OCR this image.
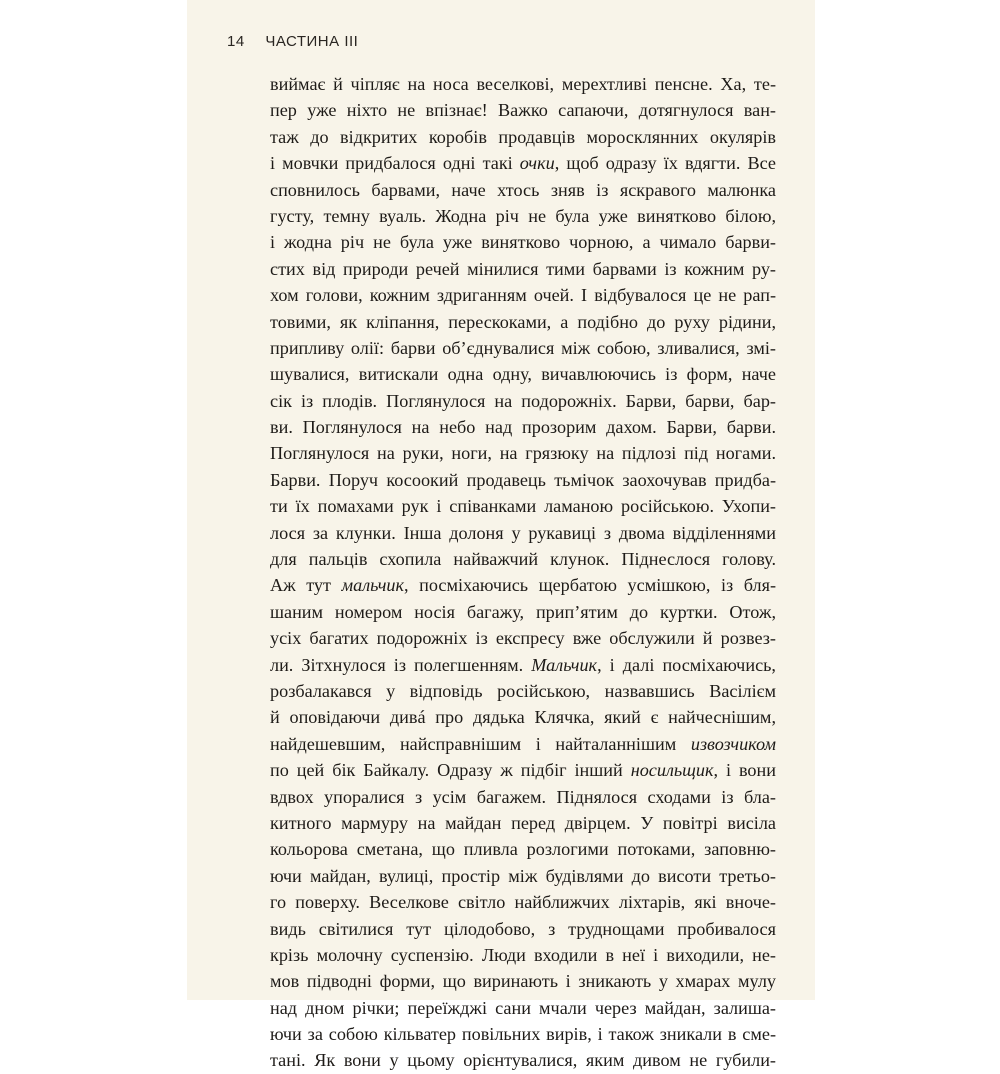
14 ЧАСТИНА III
виймає й чіпляє на носа веселкові, мерехтливі пенсне. Ха, те-
пер уже ніхто не впізнає! Важко сапаючи, дотягнулося ван-
таж до відкритих коробів продавців моросклянних окулярів
і мовчки придбалося одні такі очки, щоб одразу їх вдягти. Все
сповнилось барвами, наче хтось зняв із яскравого малюнка
густу, темну вуаль. Жодна річ не була уже винятково білою,
і жодна річ не була уже винятково чорною, а чимало барви-
стих від природи речей мінилися тими барвами із кожним ру-
хом голови, кожним здриганням очей. І відбувалося це не рап-
товими, як кліпання, перескоками, а подібно до руху рідини,
припливу олії: барви об’єднувалися між собою, зливалися, змі-
шувалися, витискали одна одну, вичавлюючись із форм, наче
сік із плодів. Поглянулося на подорожніх. Барви, барви, бар-
ви. Поглянулося на небо над прозорим дахом. Барви, барви.
Поглянулося на руки, ноги, на грязюку на підлозі під ногами.
Барви. Поруч косоокий продавець тьмічок заохочував придба-
ти їх помахами рук і співанками ламаною російською. Ухопи-
лося за клунки. Інша долоня у рукавиці з двома відділеннями
для пальців схопила найважчий клунок. Піднеслося голову.
Аж тут мальчик, посміхаючись щербатою усмішкою, із бля-
шаним номером носія багажу, прип’ятим до куртки. Отож,
усіх багатих подорожніх із експресу вже обслужили й розвез-
ли. Зітхнулося із полегшенням. Мальчик, і далі посміхаючись,
розбалакався у відповідь російською, назвавшись Васілієм
й оповідаючи дивá про дядька Клячка, який є найчеснішим,
найдешевшим, найсправнішим і найталаннішим извозчиком
по цей бік Байкалу. Одразу ж підбіг інший носильщик, і вони
вдвох упоралися з усім багажем. Піднялося сходами із бла-
китного мармуру на майдан перед двірцем. У повітрі висіла
кольорова сметана, що пливла розлогими потоками, заповню-
ючи майдан, вулиці, простір між будівлями до висоти третьо-
го поверху. Веселкове світло найближчих ліхтарів, які вноче-
видь світилися тут цілодобово, з труднощами пробивалося
крізь молочну суспензію. Люди входили в неї і виходили, не-
мов підводні форми, що виринають і зникають у хмарах мулу
над дном річки; переїжджі сани мчали через майдан, залиша-
ючи за собою кільватер повільних вирів, і також зникали в сме-
тані. Як вони у цьому орієнтувалися, яким дивом не губили-
